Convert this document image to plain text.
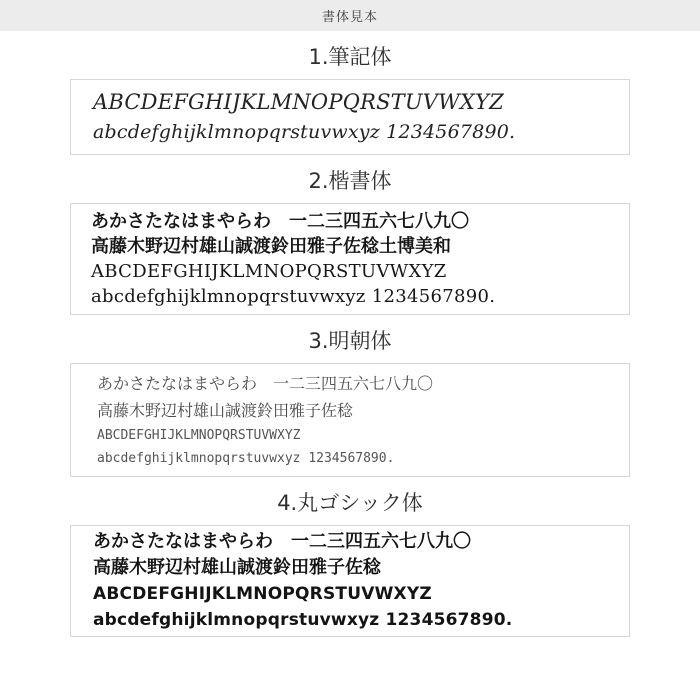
書体見本
1.筆記体
ABCDEFGHIJKLMNOPQRSTUVWXYZ
abcdefghijklmnopqrstuvwxyz 1234567890.
2.楷書体
あかさたなはまやらわ　一二三四五六七八九〇
高藤木野辺村雄山誠渡鈴田雅子佐稔土博美和
ABCDEFGHIJKLMNOPQRSTUVWXYZ
abcdefghijklmnopqrstuvwxyz 1234567890.
3.明朝体
あかさたなはまやらわ　一二三四五六七八九〇
高藤木野辺村雄山誠渡鈴田雅子佐稔
ABCDEFGHIJKLMNOPQRSTUVWXYZ
abcdefghijklmnopqrstuvwxyz 1234567890.
4.丸ゴシック体
あかさたなはまやらわ　一二三四五六七八九〇
高藤木野辺村雄山誠渡鈴田雅子佐稔
ABCDEFGHIJKLMNOPQRSTUVWXYZ
abcdefghijklmnopqrstuvwxyz 1234567890.
